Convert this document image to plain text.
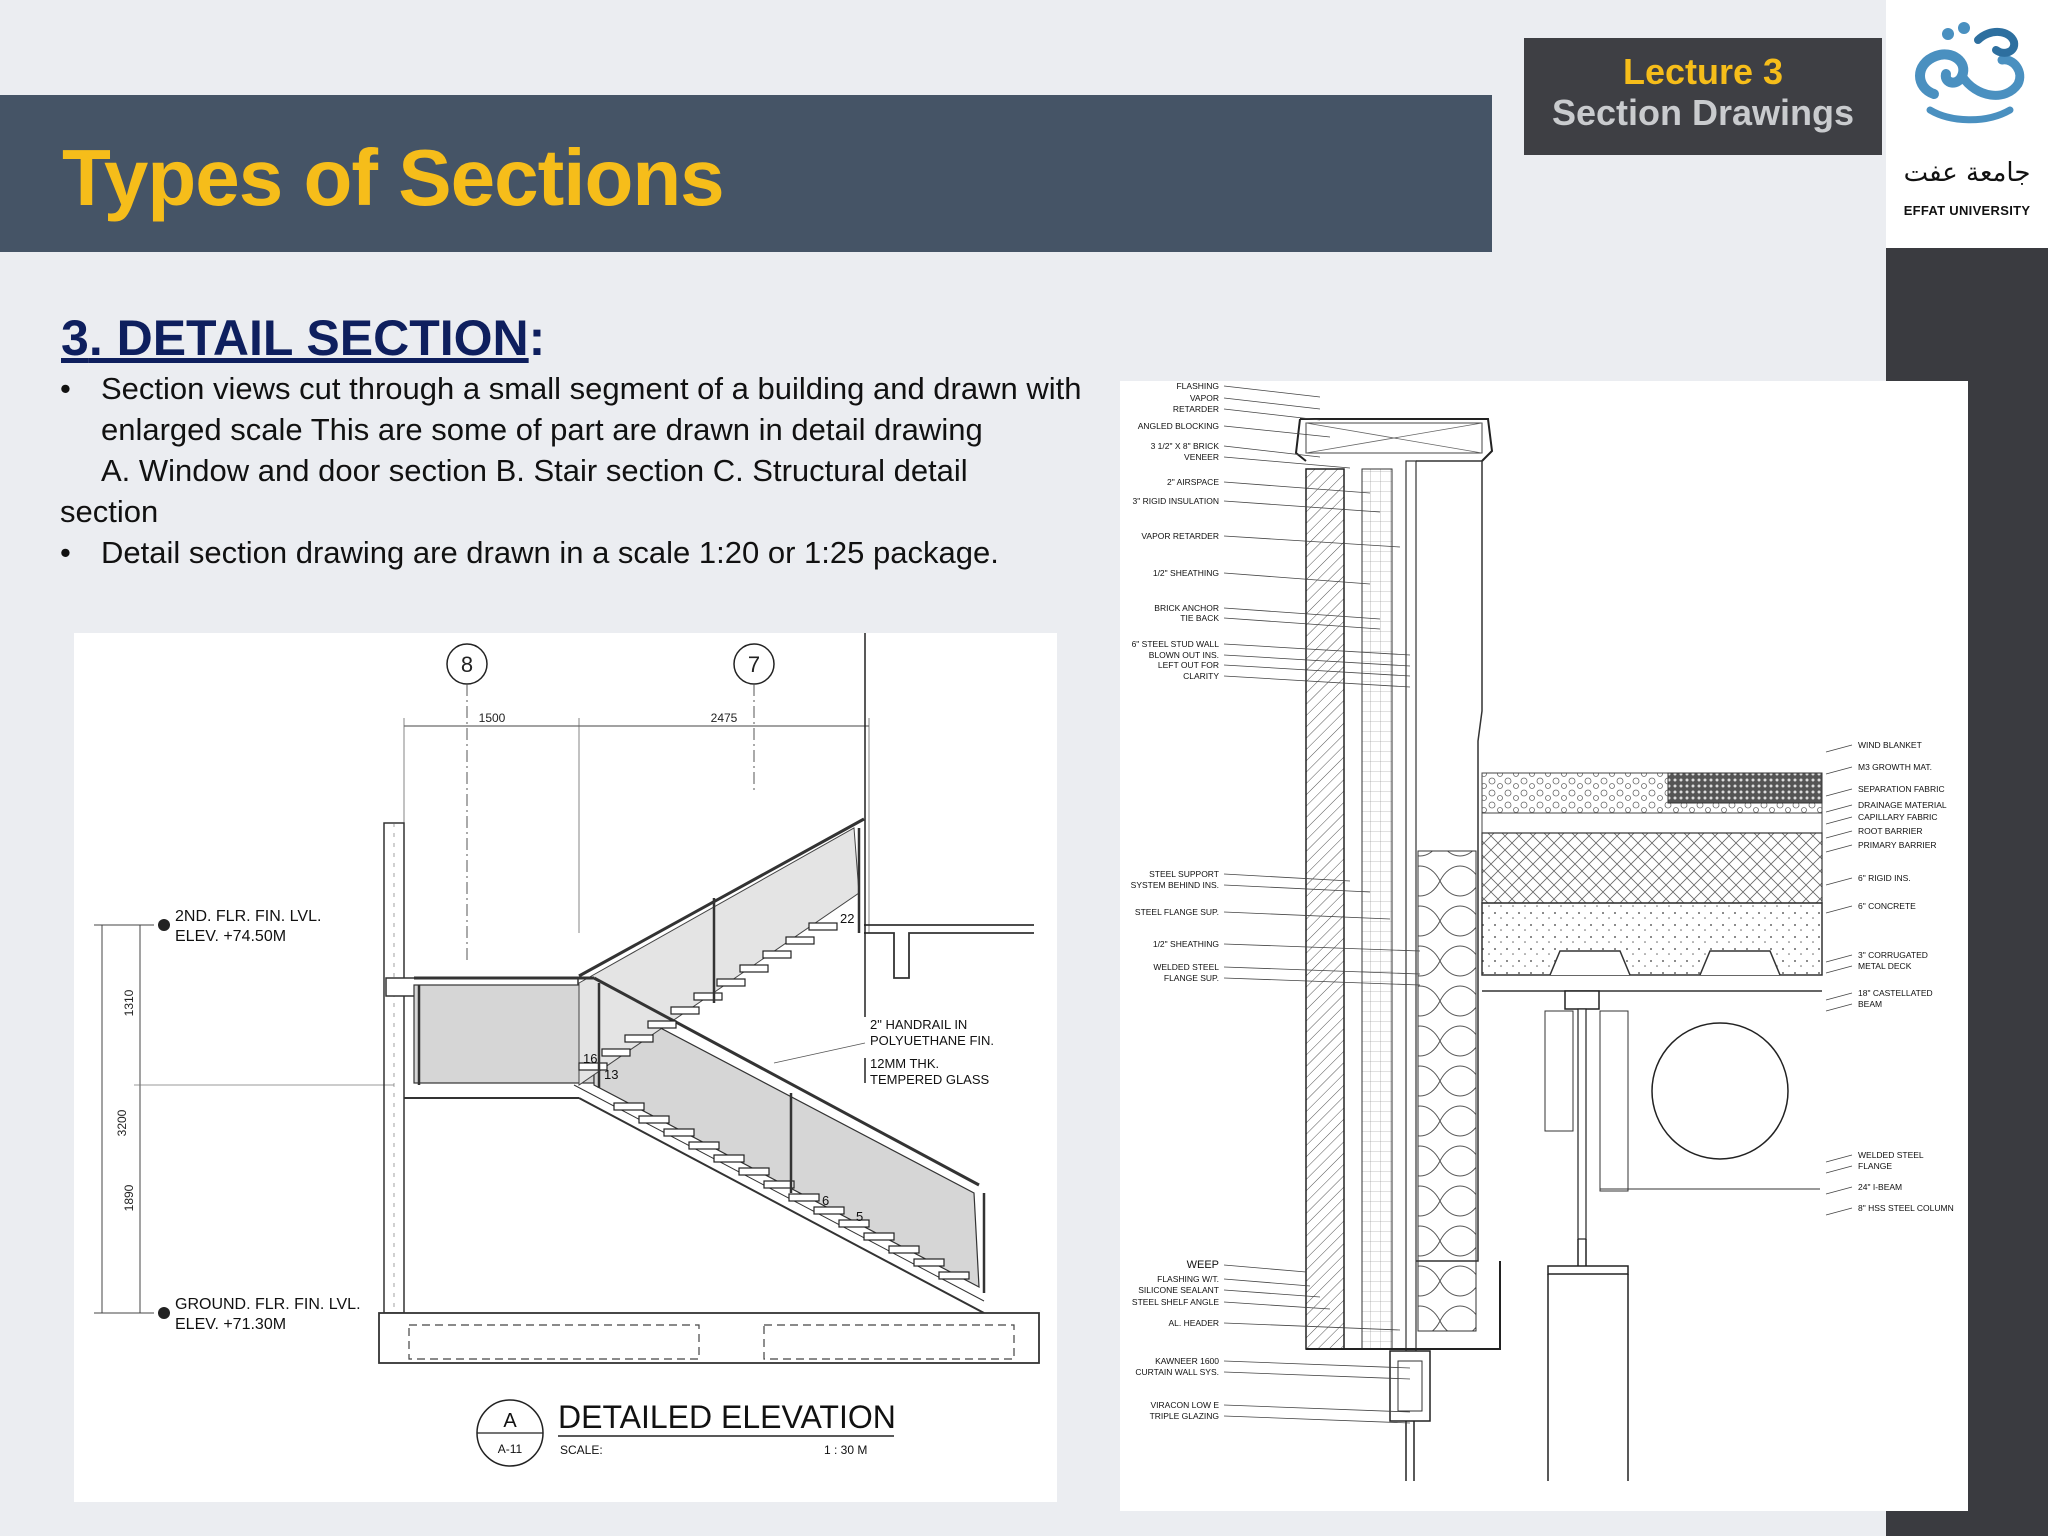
جامعة عفت
EFFAT UNIVERSITY
Lecture 3
Section Drawings
Types of Sections
3. DETAIL SECTION:
• Section views cut through a small segment of a building and drawn with enlarged scale This are some of part are drawn in detail drawing
A. Window and door section B. Stair section C. Structural detail
section
• Detail section drawing are drawn in a scale 1:20 or 1:25 package.
8	7
1500	2475
3200
1310
1890
2ND. FLR. FIN. LVL.
ELEV. +74.50M
GROUND. FLR. FIN. LVL.
ELEV. +71.30M
22
16
13
6
5
2" HANDRAIL IN
POLYUETHANE FIN.
12MM THK.
TEMPERED GLASS
A
A-11
DETAILED ELEVATION
SCALE:	1 : 30 M
FLASHING
VAPOR
RETARDER
ANGLED BLOCKING
3 1/2" X 8" BRICK
VENEER
2" AIRSPACE
3" RIGID INSULATION
VAPOR RETARDER
1/2" SHEATHING
BRICK ANCHOR
TIE BACK
6" STEEL STUD WALL
BLOWN OUT INS.
LEFT OUT FOR
CLARITY
STEEL SUPPORT
SYSTEM BEHIND INS.
STEEL FLANGE SUP.
1/2" SHEATHING
WELDED STEEL
FLANGE SUP.
WEEP
FLASHING W/T.
SILICONE SEALANT
STEEL SHELF ANGLE
AL. HEADER
KAWNEER 1600
CURTAIN WALL SYS.
VIRACON LOW E
TRIPLE GLAZING
WIND BLANKET
M3 GROWTH MAT.
SEPARATION FABRIC
DRAINAGE MATERIAL
CAPILLARY FABRIC
ROOT BARRIER
PRIMARY BARRIER
6" RIGID INS.
6" CONCRETE
3" CORRUGATED
METAL DECK
18" CASTELLATED
BEAM
WELDED STEEL
FLANGE
24" I-BEAM
8" HSS STEEL COLUMN
